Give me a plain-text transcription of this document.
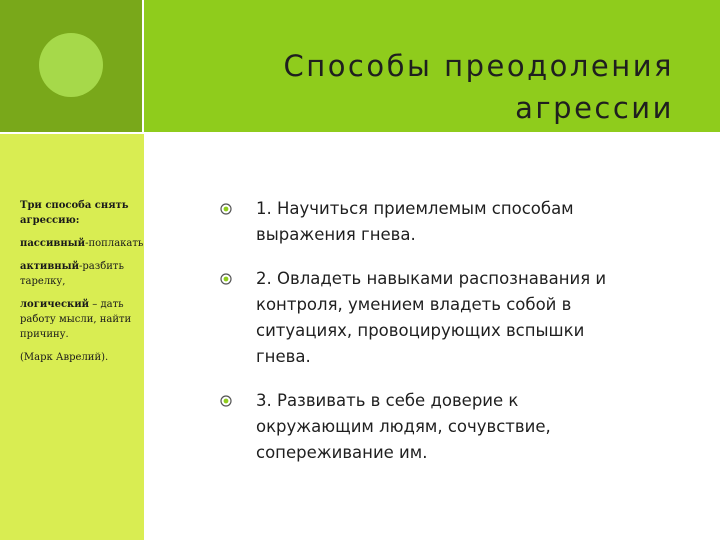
Способы преодоления
агрессии

Три способа снять агрессию:

пассивный-поплакать

активный-разбить тарелку,

логический – дать работу мысли, найти причину.

(Марк Аврелий).

1. Научиться приемлемым способам выражения гнева.
2. Овладеть навыками распознавания и контроля, умением владеть собой в ситуациях, провоцирующих вспышки гнева.
3. Развивать в себе доверие к окружающим людям, сочувствие, сопереживание им.
